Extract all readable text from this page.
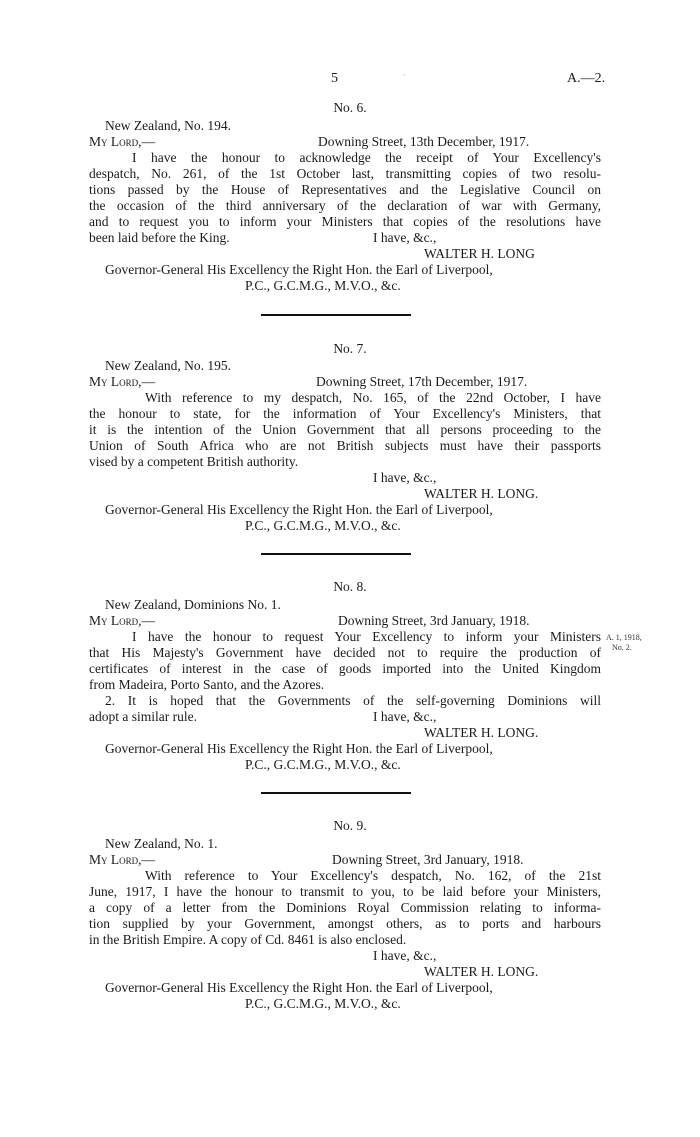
5	·	A.—2.
No. 6.
New Zealand, No. 194.
My Lord,—	Downing Street, 13th December, 1917.
I have the honour to acknowledge the receipt of Your Excellency's
despatch, No. 261, of the 1st October last, transmitting copies of two resolu-
tions passed by the House of Representatives and the Legislative Council on
the occasion of the third anniversary of the declaration of war with Germany,
and to request you to inform your Ministers that copies of the resolutions have
been laid before the King.	I have, &c.,
WALTER H. LONG
Governor-General His Excellency the Right Hon. the Earl of Liverpool,
P.C., G.C.M.G., M.V.O., &c.
No. 7.
New Zealand, No. 195.
My Lord,—	Downing Street, 17th December, 1917.
With reference to my despatch, No. 165, of the 22nd October, I have
the honour to state, for the information of Your Excellency's Ministers, that
it is the intention of the Union Government that all persons proceeding to the
Union of South Africa who are not British subjects must have their passports
vised by a competent British authority.
I have, &c.,
WALTER H. LONG.
Governor-General His Excellency the Right Hon. the Earl of Liverpool,
P.C., G.C.M.G., M.V.O., &c.
No. 8.
New Zealand, Dominions No. 1.
My Lord,—	Downing Street, 3rd January, 1918.
I have the honour to request Your Excellency to inform your Ministers
that His Majesty's Government have decided not to require the production of
certificates of interest in the case of goods imported into the United Kingdom
from Madeira, Porto Santo, and the Azores.
2. It is hoped that the Governments of the self-governing Dominions will
adopt a similar rule.	I have, &c.,
WALTER H. LONG.
Governor-General His Excellency the Right Hon. the Earl of Liverpool,
P.C., G.C.M.G., M.V.O., &c.
A. 1, 1918,
No. 2.
No. 9.
New Zealand, No. 1.
My Lord,—	Downing Street, 3rd January, 1918.
With reference to Your Excellency's despatch, No. 162, of the 21st
June, 1917, I have the honour to transmit to you, to be laid before your Ministers,
a copy of a letter from the Dominions Royal Commission relating to informa-
tion supplied by your Government, amongst others, as to ports and harbours
in the British Empire. A copy of Cd. 8461 is also enclosed.
I have, &c.,
WALTER H. LONG.
Governor-General His Excellency the Right Hon. the Earl of Liverpool,
P.C., G.C.M.G., M.V.O., &c.
